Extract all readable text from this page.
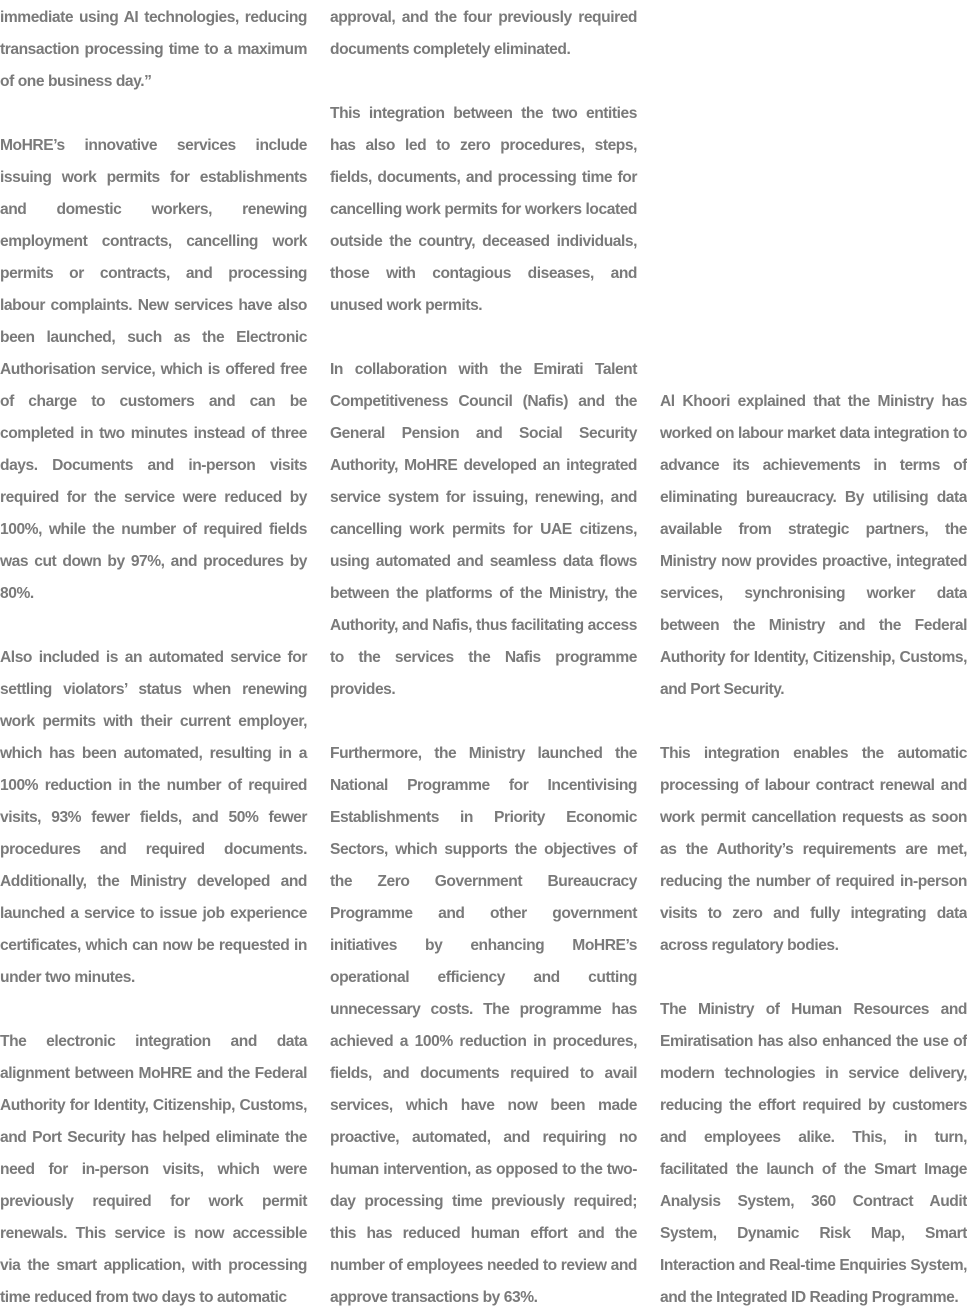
immediate using AI technologies, reducing transaction processing time to a maximum of one business day.”

MoHRE’s innovative services include issuing work permits for establishments and domestic workers, renewing employment contracts, cancelling work permits or contracts, and processing labour complaints. New services have also been launched, such as the Electronic Authorisation service, which is offered free of charge to customers and can be completed in two minutes instead of three days. Documents and in-person visits required for the service were reduced by 100%, while the number of required fields was cut down by 97%, and procedures by 80%.

Also included is an automated service for settling violators’ status when renewing work permits with their current employer, which has been automated, resulting in a 100% reduction in the number of required visits, 93% fewer fields, and 50% fewer procedures and required documents. Additionally, the Ministry developed and launched a service to issue job experience certificates, which can now be requested in under two minutes.

The electronic integration and data alignment between MoHRE and the Federal Authority for Identity, Citizenship, Customs, and Port Security has helped eliminate the need for in-person visits, which were previously required for work permit renewals. This service is now accessible via the smart application, with processing time reduced from two days to automatic

approval, and the four previously required documents completely eliminated.

This integration between the two entities has also led to zero procedures, steps, fields, documents, and processing time for cancelling work permits for workers located outside the country, deceased individuals, those with contagious diseases, and unused work permits.

In collaboration with the Emirati Talent Competitiveness Council (Nafis) and the General Pension and Social Security Authority, MoHRE developed an integrated service system for issuing, renewing, and cancelling work permits for UAE citizens, using automated and seamless data flows between the platforms of the Ministry, the Authority, and Nafis, thus facilitating access to the services the Nafis programme provides.

Furthermore, the Ministry launched the National Programme for Incentivising Establishments in Priority Economic Sectors, which supports the objectives of the Zero Government Bureaucracy Programme and other government initiatives by enhancing MoHRE’s operational efficiency and cutting unnecessary costs. The programme has achieved a 100% reduction in procedures, fields, and documents required to avail services, which have now been made proactive, automated, and requiring no human intervention, as opposed to the two-day processing time previously required; this has reduced human effort and the number of employees needed to review and approve transactions by 63%.

Al Khoori explained that the Ministry has worked on labour market data integration to advance its achievements in terms of eliminating bureaucracy. By utilising data available from strategic partners, the Ministry now provides proactive, integrated services, synchronising worker data between the Ministry and the Federal Authority for Identity, Citizenship, Customs, and Port Security.

This integration enables the automatic processing of labour contract renewal and work permit cancellation requests as soon as the Authority’s requirements are met, reducing the number of required in-person visits to zero and fully integrating data across regulatory bodies.

The Ministry of Human Resources and Emiratisation has also enhanced the use of modern technologies in service delivery, reducing the effort required by customers and employees alike. This, in turn, facilitated the launch of the Smart Image Analysis System, 360 Contract Audit System, Dynamic Risk Map, Smart Interaction and Real-time Enquiries System, and the Integrated ID Reading Programme.
